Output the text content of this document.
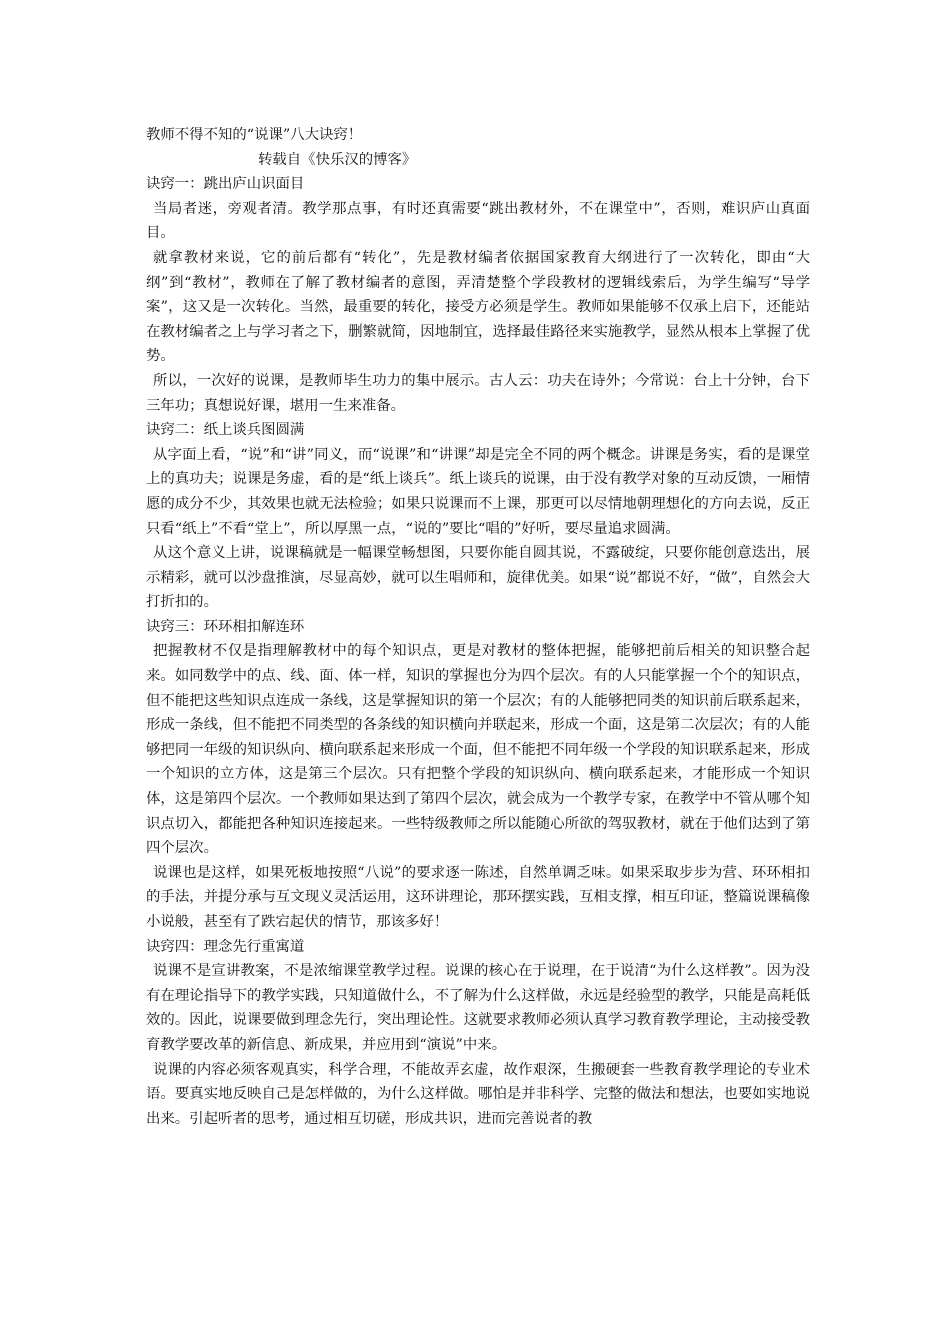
教师不得不知的“说课”八大诀窍！

转载自《快乐汉的博客》

诀窍一：跳出庐山识面目

当局者迷，旁观者清。教学那点事，有时还真需要“跳出教材外，不在课堂中”，否则，难识庐山真面目。

就拿教材来说，它的前后都有“转化”，先是教材编者依据国家教育大纲进行了一次转化，即由“大纲”到“教材”，教师在了解了教材编者的意图，弄清楚整个学段教材的逻辑线索后，为学生编写“导学案”，这又是一次转化。当然，最重要的转化，接受方必须是学生。教师如果能够不仅承上启下，还能站在教材编者之上与学习者之下，删繁就简，因地制宜，选择最佳路径来实施教学，显然从根本上掌握了优势。

所以，一次好的说课，是教师毕生功力的集中展示。古人云：功夫在诗外；今常说：台上十分钟，台下三年功；真想说好课，堪用一生来准备。

诀窍二：纸上谈兵图圆满

从字面上看，“说”和“讲”同义，而“说课”和“讲课”却是完全不同的两个概念。讲课是务实，看的是课堂上的真功夫；说课是务虚，看的是“纸上谈兵”。纸上谈兵的说课，由于没有教学对象的互动反馈，一厢情愿的成分不少，其效果也就无法检验；如果只说课而不上课，那更可以尽情地朝理想化的方向去说，反正只看“纸上”不看“堂上”，所以厚黑一点，“说的”要比“唱的”好听，要尽量追求圆满。

从这个意义上讲，说课稿就是一幅课堂畅想图，只要你能自圆其说，不露破绽，只要你能创意迭出，展示精彩，就可以沙盘推演，尽显高妙，就可以生唱师和，旋律优美。如果“说”都说不好，“做”，自然会大打折扣的。

诀窍三：环环相扣解连环

把握教材不仅是指理解教材中的每个知识点，更是对教材的整体把握，能够把前后相关的知识整合起来。如同数学中的点、线、面、体一样，知识的掌握也分为四个层次。有的人只能掌握一个个的知识点，但不能把这些知识点连成一条线，这是掌握知识的第一个层次；有的人能够把同类的知识前后联系起来，形成一条线，但不能把不同类型的各条线的知识横向并联起来，形成一个面，这是第二次层次；有的人能够把同一年级的知识纵向、横向联系起来形成一个面，但不能把不同年级一个学段的知识联系起来，形成一个知识的立方体，这是第三个层次。只有把整个学段的知识纵向、横向联系起来，才能形成一个知识体，这是第四个层次。一个教师如果达到了第四个层次，就会成为一个教学专家，在教学中不管从哪个知识点切入，都能把各种知识连接起来。一些特级教师之所以能随心所欲的驾驭教材，就在于他们达到了第四个层次。

说课也是这样，如果死板地按照“八说”的要求逐一陈述，自然单调乏味。如果采取步步为营、环环相扣的手法，并提分承与互文现义灵活运用，这环讲理论，那环摆实践，互相支撑，相互印证，整篇说课稿像小说般，甚至有了跌宕起伏的情节，那该多好！

诀窍四：理念先行重寓道

说课不是宣讲教案，不是浓缩课堂教学过程。说课的核心在于说理，在于说清“为什么这样教”。因为没有在理论指导下的教学实践，只知道做什么，不了解为什么这样做，永远是经验型的教学，只能是高耗低效的。因此，说课要做到理念先行，突出理论性。这就要求教师必须认真学习教育教学理论，主动接受教育教学要改革的新信息、新成果，并应用到“演说”中来。

说课的内容必须客观真实，科学合理，不能故弄玄虚，故作艰深，生搬硬套一些教育教学理论的专业术语。要真实地反映自己是怎样做的，为什么这样做。哪怕是并非科学、完整的做法和想法，也要如实地说出来。引起听者的思考，通过相互切磋，形成共识，进而完善说者的教
